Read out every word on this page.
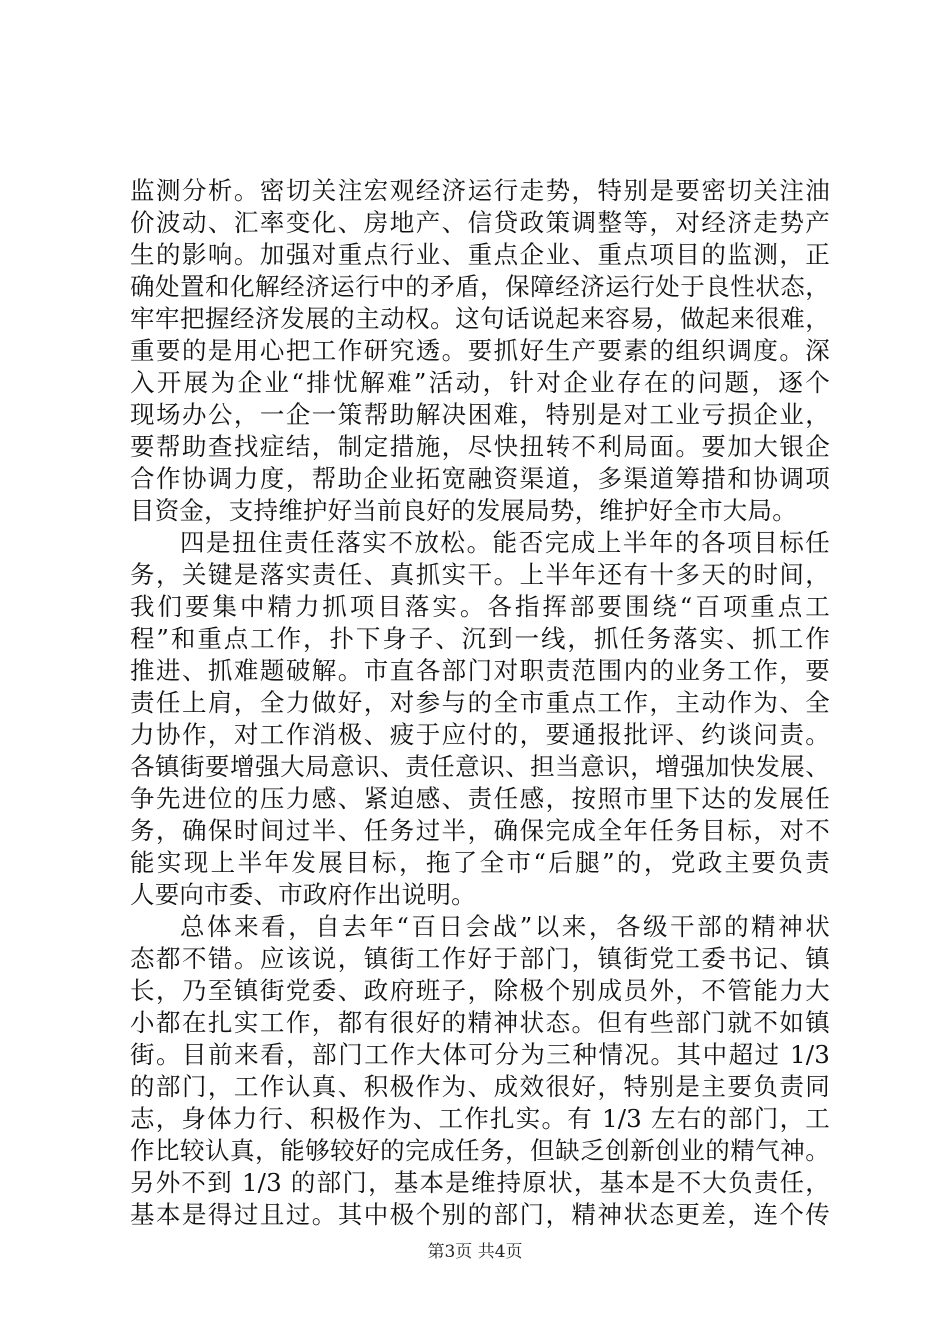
监测分析。密切关注宏观经济运行走势，特别是要密切关注油
价波动、汇率变化、房地产、信贷政策调整等，对经济走势产
生的影响。加强对重点行业、重点企业、重点项目的监测，正
确处置和化解经济运行中的矛盾，保障经济运行处于良性状态，
牢牢把握经济发展的主动权。这句话说起来容易，做起来很难，
重要的是用心把工作研究透。要抓好生产要素的组织调度。深
入开展为企业“排忧解难”活动，针对企业存在的问题，逐个
现场办公，一企一策帮助解决困难，特别是对工业亏损企业，
要帮助查找症结，制定措施，尽快扭转不利局面。要加大银企
合作协调力度，帮助企业拓宽融资渠道，多渠道筹措和协调项
目资金，支持维护好当前良好的发展局势，维护好全市大局。
四是扭住责任落实不放松。能否完成上半年的各项目标任
务，关键是落实责任、真抓实干。上半年还有十多天的时间，
我们要集中精力抓项目落实。各指挥部要围绕“百项重点工
程”和重点工作，扑下身子、沉到一线，抓任务落实、抓工作
推进、抓难题破解。市直各部门对职责范围内的业务工作，要
责任上肩，全力做好，对参与的全市重点工作，主动作为、全
力协作，对工作消极、疲于应付的，要通报批评、约谈问责。
各镇街要增强大局意识、责任意识、担当意识，增强加快发展、
争先进位的压力感、紧迫感、责任感，按照市里下达的发展任
务，确保时间过半、任务过半，确保完成全年任务目标，对不
能实现上半年发展目标，拖了全市“后腿”的，党政主要负责
人要向市委、市政府作出说明。
总体来看，自去年“百日会战”以来，各级干部的精神状
态都不错。应该说，镇街工作好于部门，镇街党工委书记、镇
长，乃至镇街党委、政府班子，除极个别成员外，不管能力大
小都在扎实工作，都有很好的精神状态。但有些部门就不如镇
街。目前来看，部门工作大体可分为三种情况。其中超过 1/3
的部门，工作认真、积极作为、成效很好，特别是主要负责同
志，身体力行、积极作为、工作扎实。有 1/3 左右的部门，工
作比较认真，能够较好的完成任务，但缺乏创新创业的精气神。
另外不到 1/3 的部门，基本是维持原状，基本是不大负责任，
基本是得过且过。其中极个别的部门，精神状态更差，连个传
第3页 共4页
